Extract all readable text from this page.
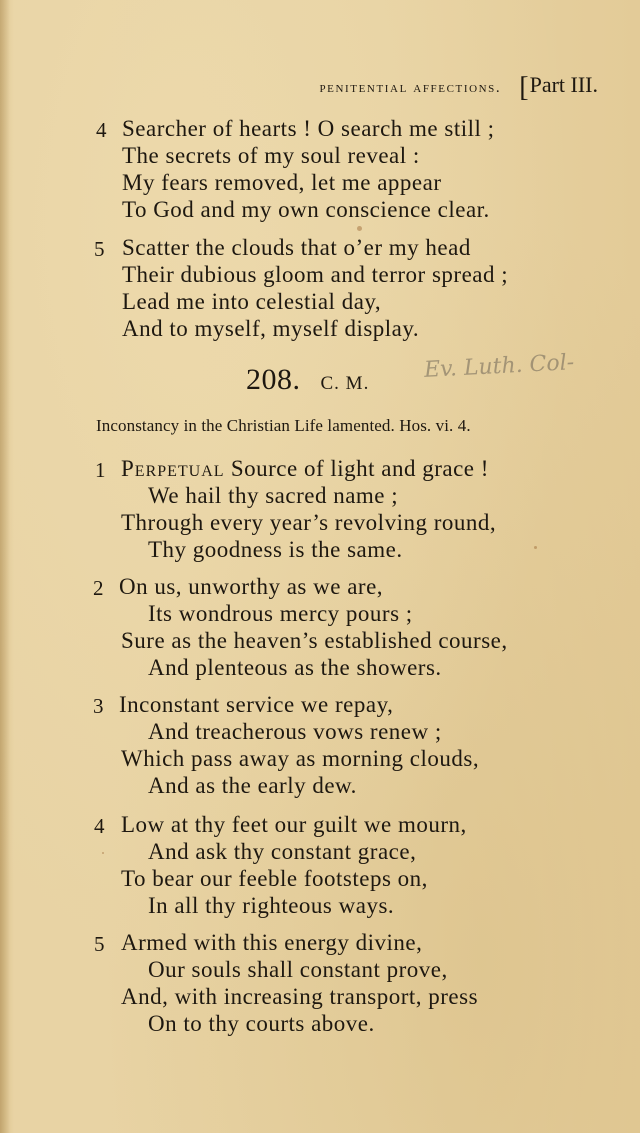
penitential affections. [ Part III.
4 Searcher of hearts ! O search me still ;
The secrets of my soul reveal :
My fears removed, let me appear
To God and my own conscience clear.
5 Scatter the clouds that o’er my head
Their dubious gloom and terror spread ;
Lead me into celestial day,
And to myself, myself display.
208. C. M.
Ev. Luth. Col-
Inconstancy in the Christian Life lamented. Hos. vi. 4.
1 Perpetual Source of light and grace !
We hail thy sacred name ;
Through every year’s revolving round,
Thy goodness is the same.
2 On us, unworthy as we are,
Its wondrous mercy pours ;
Sure as the heaven’s established course,
And plenteous as the showers.
3 Inconstant service we repay,
And treacherous vows renew ;
Which pass away as morning clouds,
And as the early dew.
4 Low at thy feet our guilt we mourn,
And ask thy constant grace,
To bear our feeble footsteps on,
In all thy righteous ways.
5 Armed with this energy divine,
Our souls shall constant prove,
And, with increasing transport, press
On to thy courts above.
